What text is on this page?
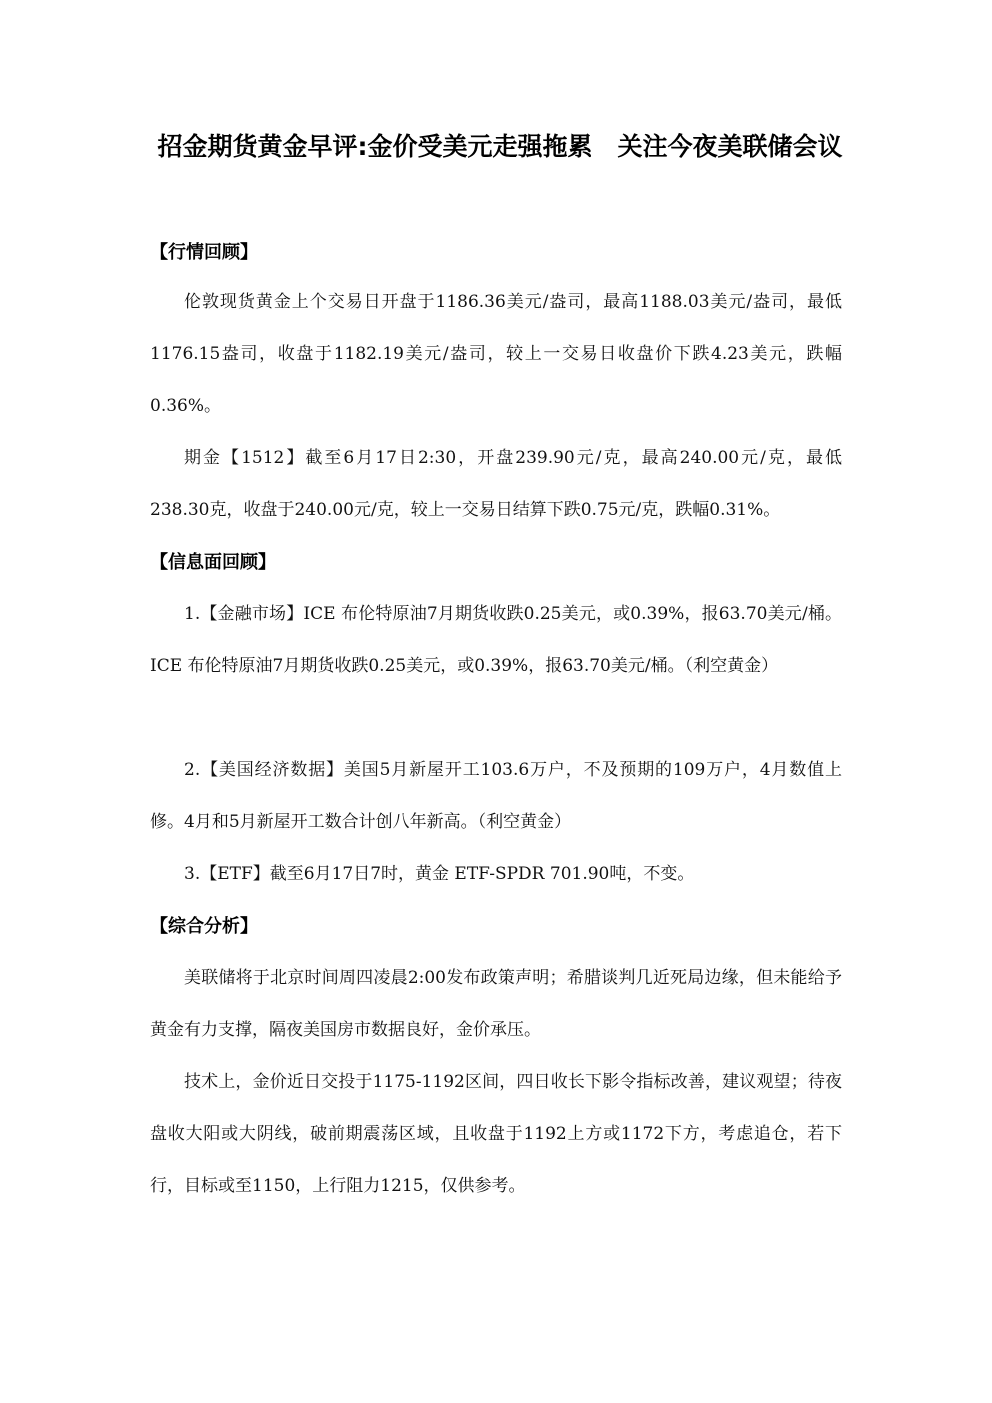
招金期货黄金早评:金价受美元走强拖累　关注今夜美联储会议
【行情回顾】
伦敦现货黄金上个交易日开盘于1186.36美元/盎司，最高1188.03美元/盎司，最低1176.15盎司，收盘于1182.19美元/盎司，较上一交易日收盘价下跌4.23美元，跌幅0.36%。
期金【1512】截至6月17日2:30，开盘239.90元/克，最高240.00元/克，最低238.30克，收盘于240.00元/克，较上一交易日结算下跌0.75元/克，跌幅0.31%。
【信息面回顾】
1.【金融市场】ICE 布伦特原油7月期货收跌0.25美元，或0.39%，报63.70美元/桶。ICE 布伦特原油7月期货收跌0.25美元，或0.39%，报63.70美元/桶。（利空黄金）
2.【美国经济数据】美国5月新屋开工103.6万户，不及预期的109万户，4月数值上修。4月和5月新屋开工数合计创八年新高。（利空黄金）
3.【ETF】截至6月17日7时，黄金 ETF-SPDR 701.90吨，不变。
【综合分析】
美联储将于北京时间周四凌晨2:00发布政策声明；希腊谈判几近死局边缘，但未能给予黄金有力支撑，隔夜美国房市数据良好，金价承压。
技术上，金价近日交投于1175-1192区间，四日收长下影令指标改善，建议观望；待夜盘收大阳或大阴线，破前期震荡区域，且收盘于1192上方或1172下方，考虑追仓，若下行，目标或至1150，上行阻力1215，仅供参考。
